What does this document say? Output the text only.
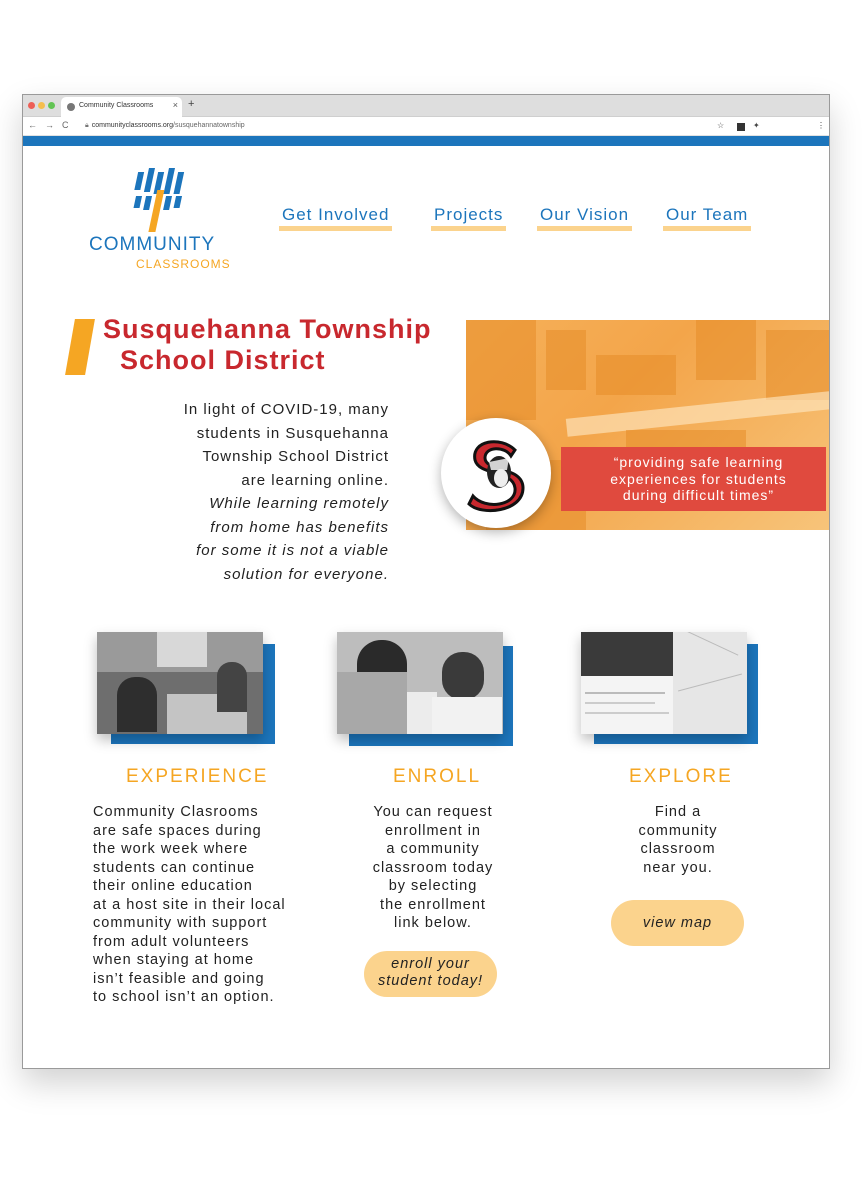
Community Classrooms × +
← → C 🔒︎ communityclassrooms.org/susquehannatownship	☆	✦	⋮
COMMUNITY
CLASSROOMS
Get Involved	Projects Our Vision Our Team
Susquehanna Township
School District
In light of COVID-19, many
students in Susquehanna
Township School District
are learning online.
While learning remotely
from home has benefits
for some it is not a viable
solution for everyone.
“providing safe learning
experiences for students
during difficult times”
EXPERIENCE	ENROLL	EXPLORE
Community Clasrooms
are safe spaces during
the work week where
students can continue
their online education
at a host site in their local
community with support
from adult volunteers
when staying at home
isn’t feasible and going
to school isn’t an option.
You can request
enrollment in
a community
classroom today
by selecting
the enrollment
link below.
Find a
community
classroom
near you.
enroll your
student today!
view map
